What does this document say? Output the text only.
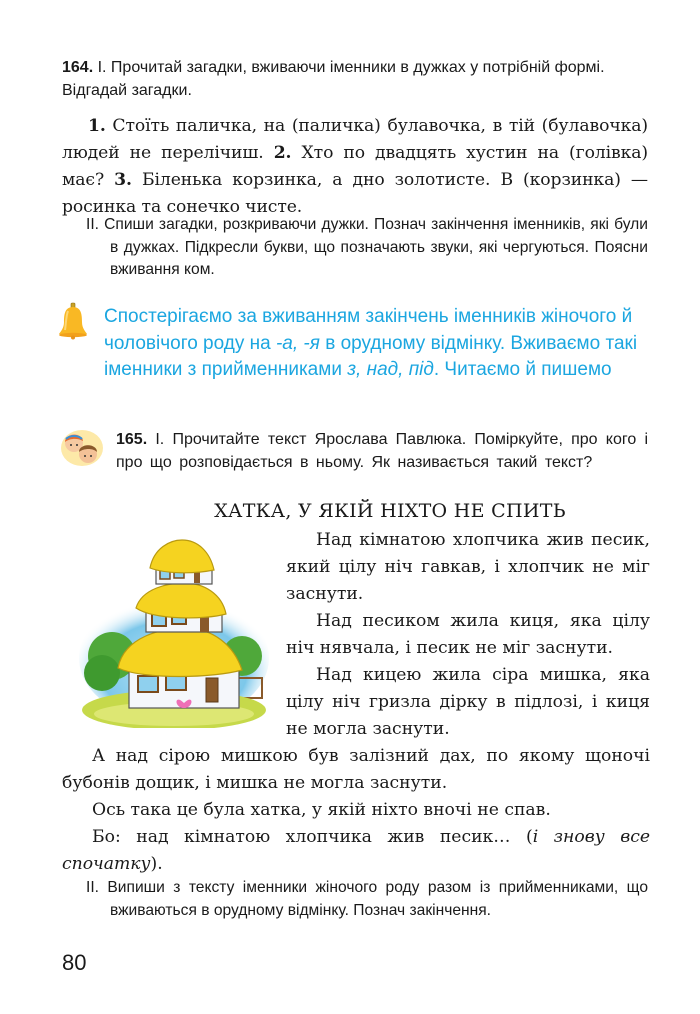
164. І. Прочитай загадки, вживаючи іменники в дужках у потрібній формі. Відгадай загадки.

1. Стоїть паличка, на (паличка) булавочка, в тій (булавочка) людей не перелічиш. 2. Хто по двадцять хустин на (голівка) має? 3. Біленька корзинка, а дно золотисте. В (корзинка) — росинка та сонечко чисте.

ІІ. Спиши загадки, розкриваючи дужки. Познач закінчення іменників, які були в дужках. Підкресли букви, що позначають звуки, які чергуються. Поясни вживання ком.
Спостерігаємо за вживанням закінчень іменників жіночого й чоловічого роду на -а, -я в орудному відмінку. Вживаємо такі іменники з прийменниками з, над, під. Читаємо й пишемо
165. І. Прочитайте текст Ярослава Павлюка. Поміркуйте, про кого і про що розповідається в ньому. Як називається такий текст?
ХАТКА, У ЯКІЙ НІХТО НЕ СПИТЬ

Над кімнатою хлопчика жив песик, який цілу ніч гавкав, і хлопчик не міг заснути.

Над песиком жила киця, яка цілу ніч нявчала, і песик не міг заснути.

Над кицею жила сіра мишка, яка цілу ніч гризла дірку в підлозі, і киця не могла заснути.

А над сірою мишкою був залізний дах, по якому щоночі бубонів дощик, і мишка не могла заснути.

Ось така це була хатка, у якій ніхто вночі не спав.

Бо: над кімнатою хлопчика жив песик… (і знову все спочатку).

ІІ. Випиши з тексту іменники жіночого роду разом із прийменниками, що вживаються в орудному відмінку. Познач закінчення.
80
